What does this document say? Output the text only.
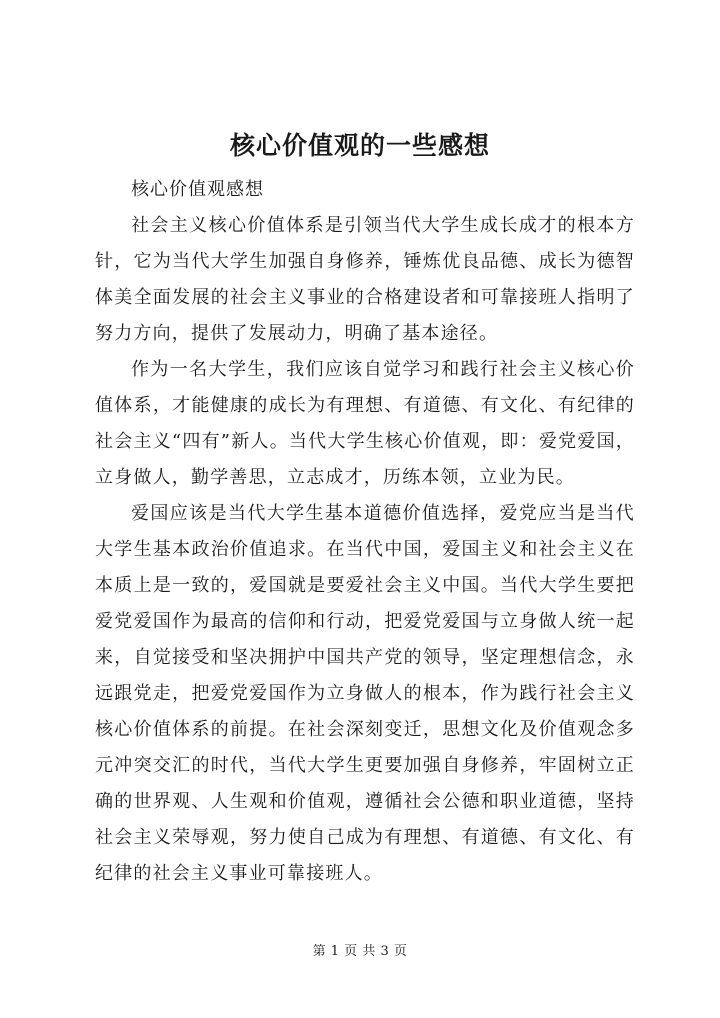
核心价值观的一些感想

核心价值观感想

社会主义核心价值体系是引领当代大学生成长成才的根本方针，它为当代大学生加强自身修养，锤炼优良品德、成长为德智体美全面发展的社会主义事业的合格建设者和可靠接班人指明了努力方向，提供了发展动力，明确了基本途径。

作为一名大学生，我们应该自觉学习和践行社会主义核心价值体系，才能健康的成长为有理想、有道德、有文化、有纪律的社会主义“四有”新人。当代大学生核心价值观，即：爱党爱国，立身做人，勤学善思，立志成才，历练本领，立业为民。

爱国应该是当代大学生基本道德价值选择，爱党应当是当代大学生基本政治价值追求。在当代中国，爱国主义和社会主义在本质上是一致的，爱国就是要爱社会主义中国。当代大学生要把爱党爱国作为最高的信仰和行动，把爱党爱国与立身做人统一起来，自觉接受和坚决拥护中国共产党的领导，坚定理想信念，永远跟党走，把爱党爱国作为立身做人的根本，作为践行社会主义核心价值体系的前提。在社会深刻变迁，思想文化及价值观念多元冲突交汇的时代，当代大学生更要加强自身修养，牢固树立正确的世界观、人生观和价值观，遵循社会公德和职业道德，坚持社会主义荣辱观，努力使自己成为有理想、有道德、有文化、有纪律的社会主义事业可靠接班人。

第 1 页 共 3 页
